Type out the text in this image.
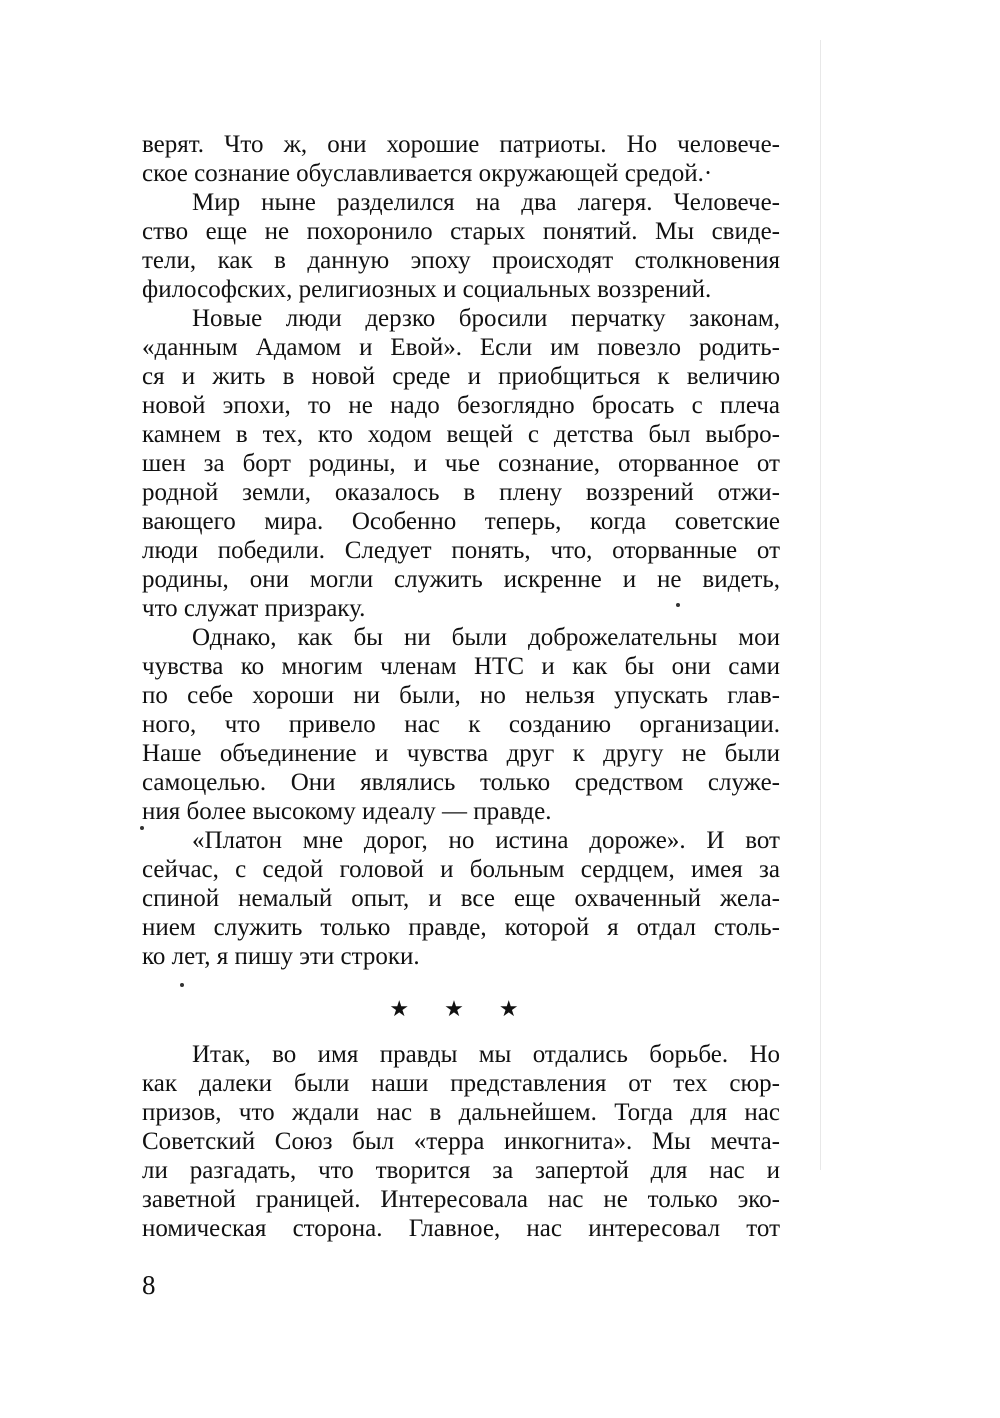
верят. Что ж, они хорошие патриоты. Но человече-
ское сознание обуславливается окружающей средой.·
Мир ныне разделился на два лагеря. Человече-
ство еще не похоронило старых понятий. Мы свиде-
тели, как в данную эпоху происходят столкновения
философских, религиозных и социальных воззрений.
Новые люди дерзко бросили перчатку законам,
«данным Адамом и Евой». Если им повезло родить-
ся и жить в новой среде и приобщиться к величию
новой эпохи, то не надо безоглядно бросать с плеча
камнем в тех, кто ходом вещей с детства был выбро-
шен за борт родины, и чье сознание, оторванное от
родной земли, оказалось в плену воззрений отжи-
вающего мира. Особенно теперь, когда советские
люди победили. Следует понять, что, оторванные от
родины, они могли служить искренне и не видеть,
что служат призраку.
Однако, как бы ни были доброжелательны мои
чувства ко многим членам НТС и как бы они сами
по себе хороши ни были, но нельзя упускать глав-
ного, что привело нас к созданию организации.
Наше объединение и чувства друг к другу не были
самоцелью. Они являлись только средством служе-
ния более высокому идеалу — правде.
«Платон мне дорог, но истина дороже». И вот
сейчас, с седой головой и больным сердцем, имея за
спиной немалый опыт, и все еще охваченный жела-
нием служить только правде, которой я отдал столь-
ко лет, я пишу эти строки.
★ ★ ★
Итак, во имя правды мы отдались борьбе. Но
как далеки были наши представления от тех сюр-
призов, что ждали нас в дальнейшем. Тогда для нас
Советский Союз был «терра инкогнита». Мы мечта-
ли разгадать, что творится за запертой для нас и
заветной границей. Интересовала нас не только эко-
номическая сторона. Главное, нас интересовал тот
8
